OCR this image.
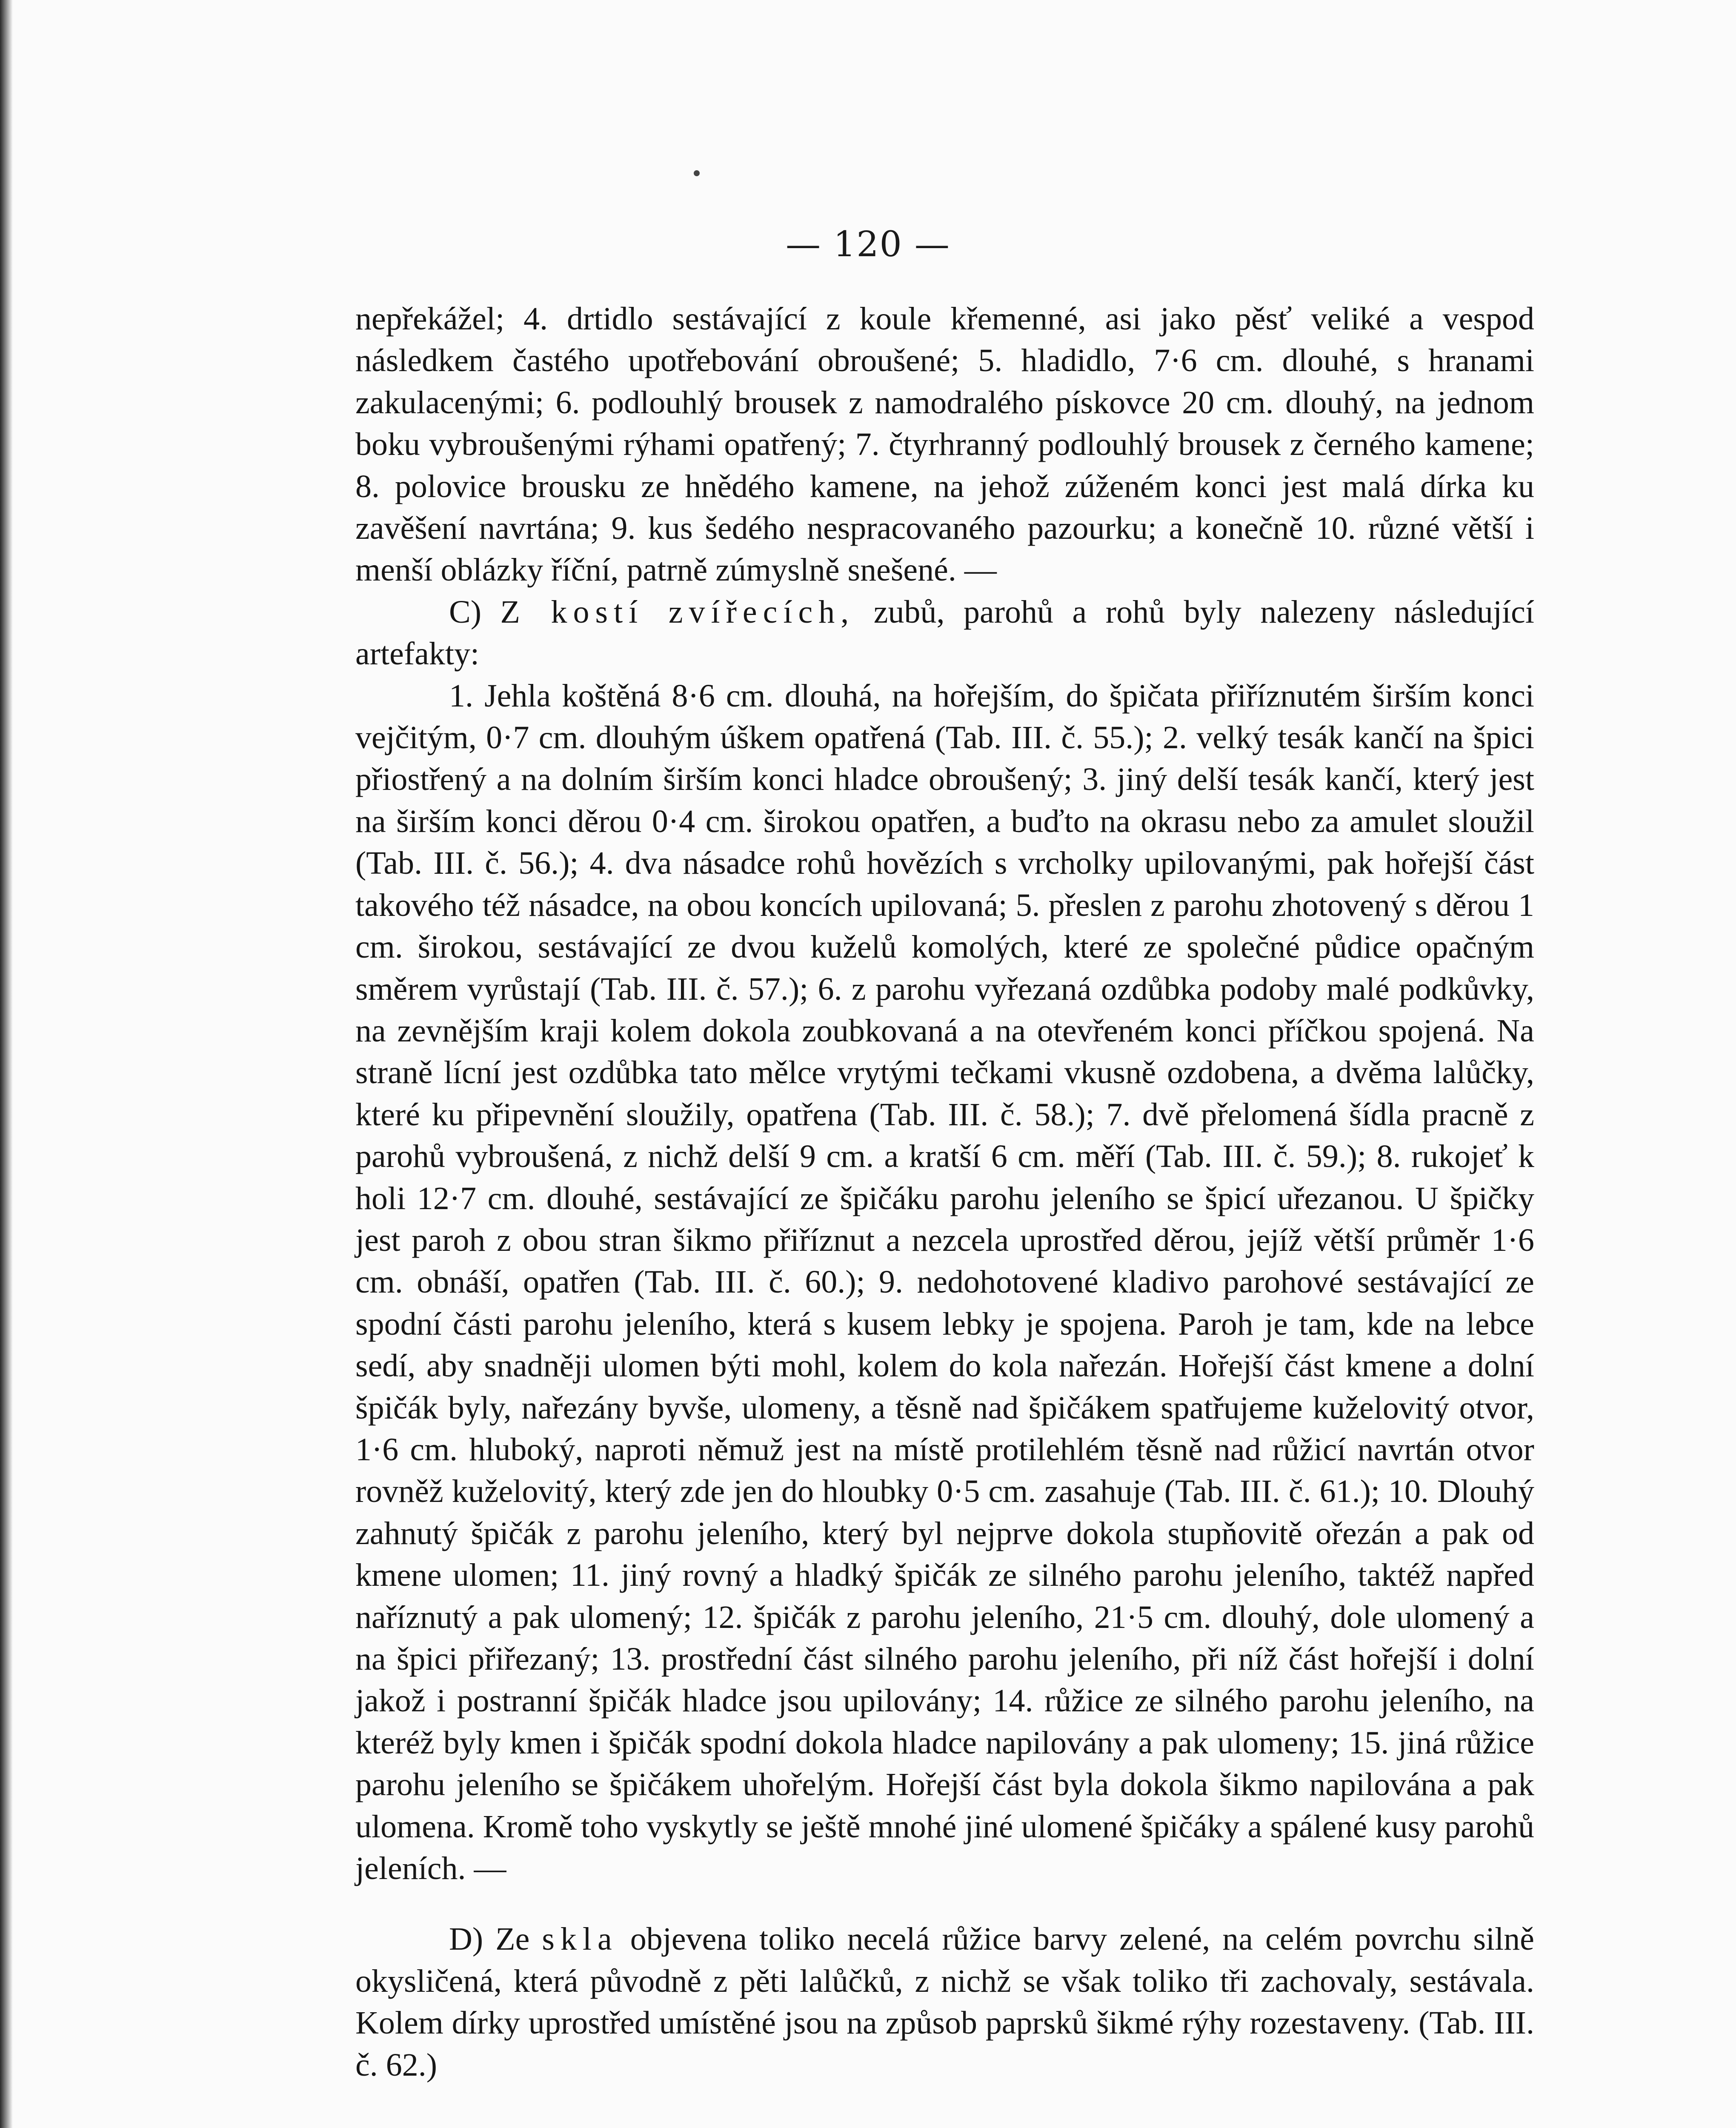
— 120 —

nepřekážel; 4. drtidlo sestávající z koule křemenné, asi jako pěsť veliké a vespod následkem častého upotřebování obroušené; 5. hladidlo, 7·6 cm. dlouhé, s hranami zakulacenými; 6. podlouhlý brousek z namodralého pískovce 20 cm. dlouhý, na jednom boku vybroušenými rýhami opatřený; 7. čtyrhranný podlouhlý brousek z černého kamene; 8. polovice brousku ze hnědého kamene, na jehož zúženém konci jest malá dírka ku zavěšení navrtána; 9. kus šedého nespracovaného pazourku; a konečně 10. různé větší i menší oblázky říční, patrně zúmyslně snešené. —

C) Z kostí zvířecích, zubů, parohů a rohů byly nalezeny následující artefakty:

1. Jehla koštěná 8·6 cm. dlouhá, na hořejším, do špičata přiříznutém širším konci vejčitým, 0·7 cm. dlouhým úškem opatřená (Tab. III. č. 55.); 2. velký tesák kančí na špici přiostřený a na dolním širším konci hladce obroušený; 3. jiný delší tesák kančí, který jest na širším konci děrou 0·4 cm. širokou opatřen, a buďto na okrasu nebo za amulet sloužil (Tab. III. č. 56.); 4. dva násadce rohů hovězích s vrcholky upilovanými, pak hořejší část takového též násadce, na obou koncích upilovaná; 5. přeslen z parohu zhotovený s děrou 1 cm. širokou, sestávající ze dvou kuželů komolých, které ze společné půdice opačným směrem vyrůstají (Tab. III. č. 57.); 6. z parohu vyřezaná ozdůbka podoby malé podkůvky, na zevnějším kraji kolem dokola zoubkovaná a na otevřeném konci příčkou spojená. Na straně lícní jest ozdůbka tato mělce vrytými tečkami vkusně ozdobena, a dvěma lalůčky, které ku připevnění sloužily, opatřena (Tab. III. č. 58.); 7. dvě přelomená šídla pracně z parohů vybroušená, z nichž delší 9 cm. a kratší 6 cm. měří (Tab. III. č. 59.); 8. rukojeť k holi 12·7 cm. dlouhé, sestávající ze špičáku parohu jeleního se špicí uřezanou. U špičky jest paroh z obou stran šikmo přiříznut a nezcela uprostřed děrou, jejíž větší průměr 1·6 cm. obnáší, opatřen (Tab. III. č. 60.); 9. nedohotovené kladivo parohové sestávající ze spodní části parohu jeleního, která s kusem lebky je spojena. Paroh je tam, kde na lebce sedí, aby snadněji ulomen býti mohl, kolem do kola nařezán. Hořejší část kmene a dolní špičák byly, nařezány byvše, ulomeny, a těsně nad špičákem spatřujeme kuželovitý otvor, 1·6 cm. hluboký, naproti němuž jest na místě protilehlém těsně nad růžicí navrtán otvor rovněž kuželovitý, který zde jen do hloubky 0·5 cm. zasahuje (Tab. III. č. 61.); 10. Dlouhý zahnutý špičák z parohu jeleního, který byl nejprve dokola stupňovitě ořezán a pak od kmene ulomen; 11. jiný rovný a hladký špičák ze silného parohu jeleního, taktéž napřed naříznutý a pak ulomený; 12. špičák z parohu jeleního, 21·5 cm. dlouhý, dole ulomený a na špici přiřezaný; 13. prostřední část silného parohu jeleního, při níž část hořejší i dolní jakož i postranní špičák hladce jsou upilovány; 14. růžice ze silného parohu jeleního, na kteréž byly kmen i špičák spodní dokola hladce napilovány a pak ulomeny; 15. jiná růžice parohu jeleního se špičákem uhořelým. Hořejší část byla dokola šikmo napilována a pak ulomena. Kromě toho vyskytly se ještě mnohé jiné ulomené špičáky a spálené kusy parohů jeleních. —

D) Ze skla objevena toliko necelá růžice barvy zelené, na celém povrchu silně okysličená, která původně z pěti lalůčků, z nichž se však toliko tři zachovaly, sestávala. Kolem dírky uprostřed umístěné jsou na způsob paprsků šikmé rýhy rozestaveny. (Tab. III. č. 62.)
